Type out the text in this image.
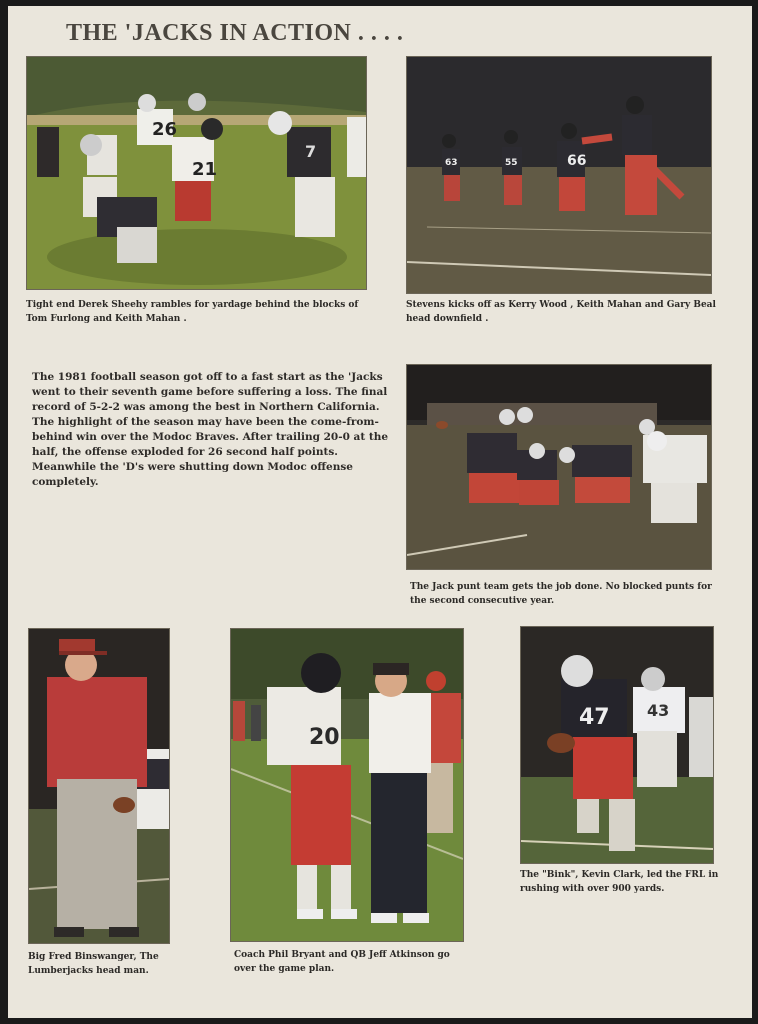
THE 'JACKS IN ACTION . . . .
26
21
7
Tight end Derek Sheehy rambles for yardage behind the blocks of Tom Furlong and Keith Mahan .
66
63	55
Stevens kicks off as Kerry Wood , Keith Mahan and Gary Beal head downfield .

The 1981 football season got off to a fast start as the 'Jacks went to their seventh game before suffering a loss. The final record of 5-2-2 was among the best in Northern California.

The highlight of the season may have been the come-from-behind win over the Modoc Braves. After trailing 20-0 at the half, the offense exploded for 26 second half points. Meanwhile the 'D's were shutting down Modoc offense completely.

The Jack punt team gets the job done. No blocked punts for the second consecutive year.
Big Fred Binswanger, The Lumberjacks head man.
20
Coach Phil Bryant and QB Jeff Atkinson go over the game plan.
47 43
The "Bink", Kevin Clark, led the FRL in rushing with over 900 yards.
